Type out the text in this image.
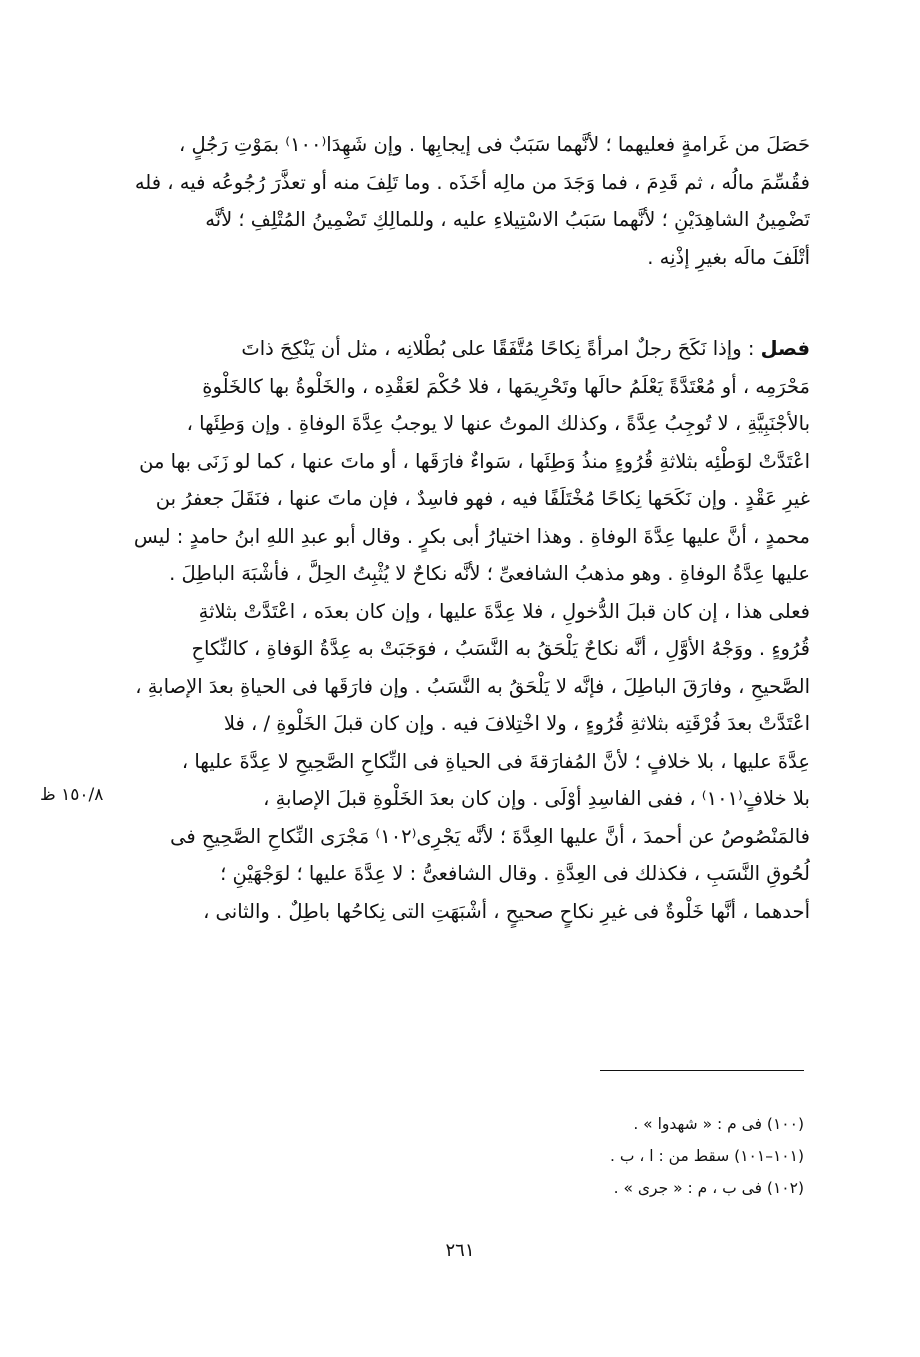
حَصَلَ من غَرامةٍ فعليهما ؛ لأنَّهما سَبَبٌ فى إيجابِها . وإن شَهِدَا⁽١٠٠⁾ بمَوْتِ رَجُلٍ ،
فقُسِّمَ مالُه ، ثم قَدِمَ ، فما وَجَدَ من مالِه أخَذَه . وما تَلِفَ منه أو تعذَّرَ رُجُوعُه فيه ، فله
تَضْمِينُ الشاهِدَيْنِ ؛ لأنَّهما سَبَبُ الاسْتِيلاءِ عليه ، وللمالِكِ تَضْمِينُ المُتْلِفِ ؛ لأنَّه
أتْلَفَ مالَه بغيرِ إذْنِه .
فصل : وإذا نَكَحَ رجلٌ امرأةً نِكاحًا مُتَّفَقًا على بُطْلانِه ، مثل أن يَنْكِحَ ذاتَ
مَحْرَمِه ، أو مُعْتَدَّةً يَعْلَمُ حالَها وتَحْرِيمَها ، فلا حُكْمَ لعَقْدِه ، والخَلْوةُ بها كالخَلْوةِ
بالأجْنَبِيَّةِ ، لا تُوجِبُ عِدَّةً ، وكذلك الموتُ عنها لا يوجبُ عِدَّةَ الوفاةِ . وإن وَطِئَها ،
اعْتَدَّتْ لوَطْئِه بثلاثةِ قُرُوءٍ منذُ وَطِئَها ، سَواءٌ فارَقَها ، أو ماتَ عنها ، كما لو زَنَى بها من
غيرِ عَقْدٍ . وإن نَكَحَها نِكاحًا مُخْتَلَفًا فيه ، فهو فاسِدٌ ، فإن ماتَ عنها ، فنَقَلَ جعفرُ بن
محمدٍ ، أنَّ عليها عِدَّةَ الوفاةِ . وهذا اختيارُ أبى بكرٍ . وقال أبو عبدِ اللهِ ابنُ حامدٍ : ليس
عليها عِدَّةُ الوفاةِ . وهو مذهبُ الشافعىِّ ؛ لأنَّه نكاحٌ لا يُثْبِتُ الحِلَّ ، فأشْبَهَ الباطِلَ .
فعلى هذا ، إن كان قبلَ الدُّخولِ ، فلا عِدَّةَ عليها ، وإن كان بعدَه ، اعْتَدَّتْ بثلاثةِ
قُرُوءٍ . ووَجْهُ الأوَّلِ ، أنَّه نكاحٌ يَلْحَقُ به النَّسَبُ ، فوَجَبَتْ به عِدَّةُ الوَفاةِ ، كالنِّكاحِ
الصَّحيحِ ، وفارَقَ الباطِلَ ، فإنَّه لا يَلْحَقُ به النَّسَبُ . وإن فارَقَها فى الحياةِ بعدَ الإصابةِ ،
اعْتَدَّتْ بعدَ فُرْقَتِه بثلاثةِ قُرُوءٍ ، ولا اخْتِلافَ فيه . وإن كان قبلَ الخَلْوةِ / ، فلا
عِدَّةَ عليها ، بلا خلافٍ ؛ لأنَّ المُفارَقةَ فى الحياةِ فى النِّكاحِ الصَّحِيحِ لا عِدَّةَ عليها ،
بلا خلافٍ⁽١٠١⁾ ، ففى الفاسِدِ أوْلَى . وإن كان بعدَ الخَلْوةِ قبلَ الإصابةِ ،
فالمَنْصُوصُ عن أحمدَ ، أنَّ عليها العِدَّةَ ؛ لأنَّه يَجْرِى⁽١٠٢⁾ مَجْرَى النِّكاحِ الصَّحِيحِ فى
لُحُوقِ النَّسَبِ ، فكذلك فى العِدَّةِ . وقال الشافعىُّ : لا عِدَّةَ عليها ؛ لوَجْهَيْنِ ؛
أحدهما ، أنَّها خَلْوةٌ فى غيرِ نكاحٍ صحيحٍ ، أشْبَهَتِ التى نِكاحُها باطِلٌ . والثانى ،
١٥٠/٨ ظ
(١٠٠) فى م : « شهدوا » .
(١٠١–١٠١) سقط من : ا ، ب .
(١٠٢) فى ب ، م : « جرى » .
٢٦١
